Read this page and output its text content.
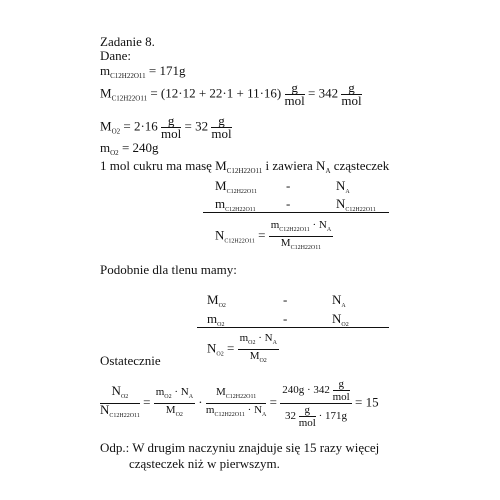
Zadanie 8.
Dane:
$m_{C12H22O11} = 171g$
$M_{C12H22O11} = (12\cdot 12 + 22\cdot 1 + 11\cdot 16) \frac{g}{\text{mol}} = 342 \frac{g}{\text{mol}}$
$M_{O2} = 2\cdot 16 \frac{g}{\text{mol}} = 32 \frac{g}{\text{mol}}$
$m_{O2} = 240g$
1 mol cukru ma masę $M_{C12H22O11}$ i zawiera $N_A$ cząsteczek
$M_{C12H22O11}$ -	$N_A$
$m_{C12H22O11}$ -	$N_{C12H22O11}$
$N_{C12H22O11} = \frac{m_{C12H22O11} \cdot N_A}{M_{C12H22O11}}$
Podobnie dla tlenu mamy:
$M_{O2}$	-	$N_A$
$m_{O2}$	-	$N_{O2}$
$N_{O2} = \frac{m_{O2} \cdot N_A}{M_{O2}}$
Ostatecznie
$\frac{N_{O2}}{N_{C12H22O11}} = \frac{m_{O2} \cdot N_A}{M_{O2}} \cdot \frac{M_{C12H22O11}}{m_{C12H22O11} \cdot N_A} = \frac{240g \cdot 342 \frac{g}{\text{mol}}}{32 \frac{g}{\text{mol}} \cdot 171g} = 15$
Odp.: W drugim naczyniu znajduje się 15 razy więcej
cząsteczek niż w pierwszym.
